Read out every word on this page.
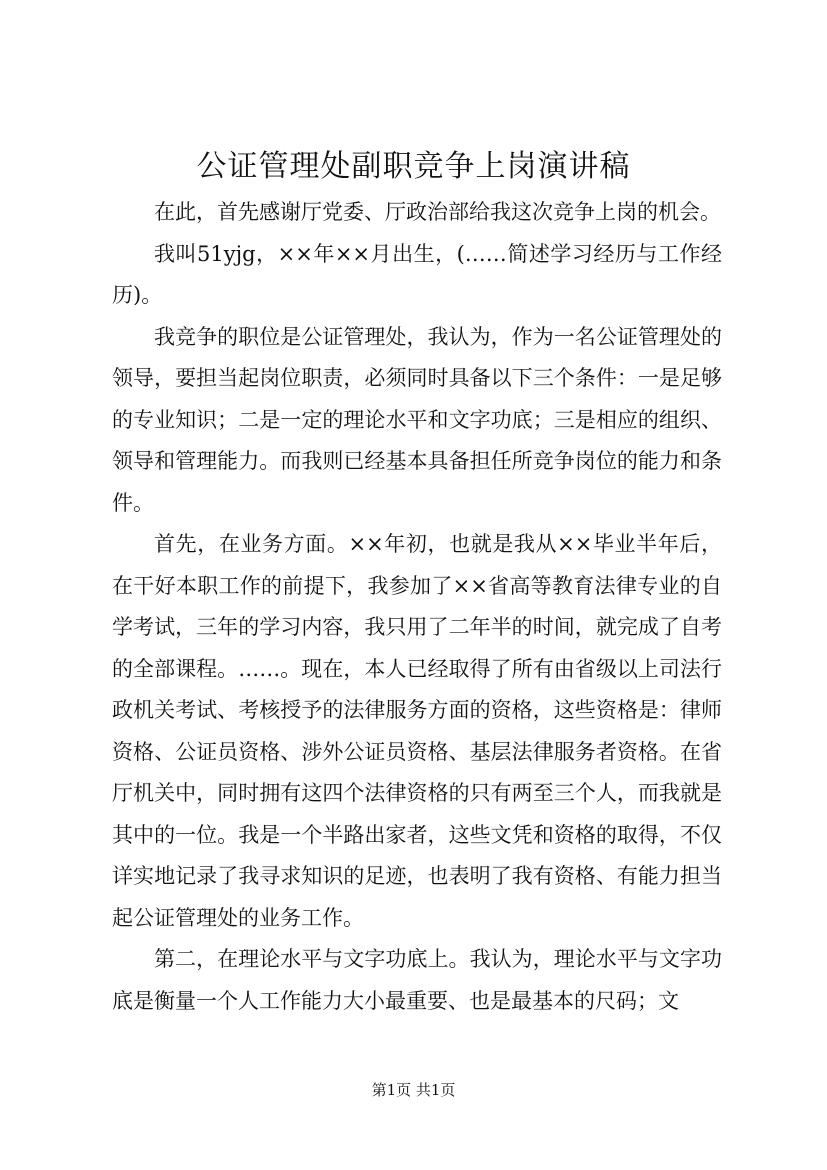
公证管理处副职竞争上岗演讲稿

在此，首先感谢厅党委、厅政治部给我这次竞争上岗的机会。

我叫51yjg，××年××月出生，(……简述学习经历与工作经历)。

我竞争的职位是公证管理处，我认为，作为一名公证管理处的领导，要担当起岗位职责，必须同时具备以下三个条件：一是足够的专业知识；二是一定的理论水平和文字功底；三是相应的组织、领导和管理能力。而我则已经基本具备担任所竞争岗位的能力和条件。

首先，在业务方面。××年初，也就是我从××毕业半年后，在干好本职工作的前提下，我参加了××省高等教育法律专业的自学考试，三年的学习内容，我只用了二年半的时间，就完成了自考的全部课程。……。现在，本人已经取得了所有由省级以上司法行政机关考试、考核授予的法律服务方面的资格，这些资格是：律师资格、公证员资格、涉外公证员资格、基层法律服务者资格。在省厅机关中，同时拥有这四个法律资格的只有两至三个人，而我就是其中的一位。我是一个半路出家者，这些文凭和资格的取得，不仅详实地记录了我寻求知识的足迹，也表明了我有资格、有能力担当起公证管理处的业务工作。

第二，在理论水平与文字功底上。我认为，理论水平与文字功底是衡量一个人工作能力大小最重要、也是最基本的尺码；文

第1页 共1页
